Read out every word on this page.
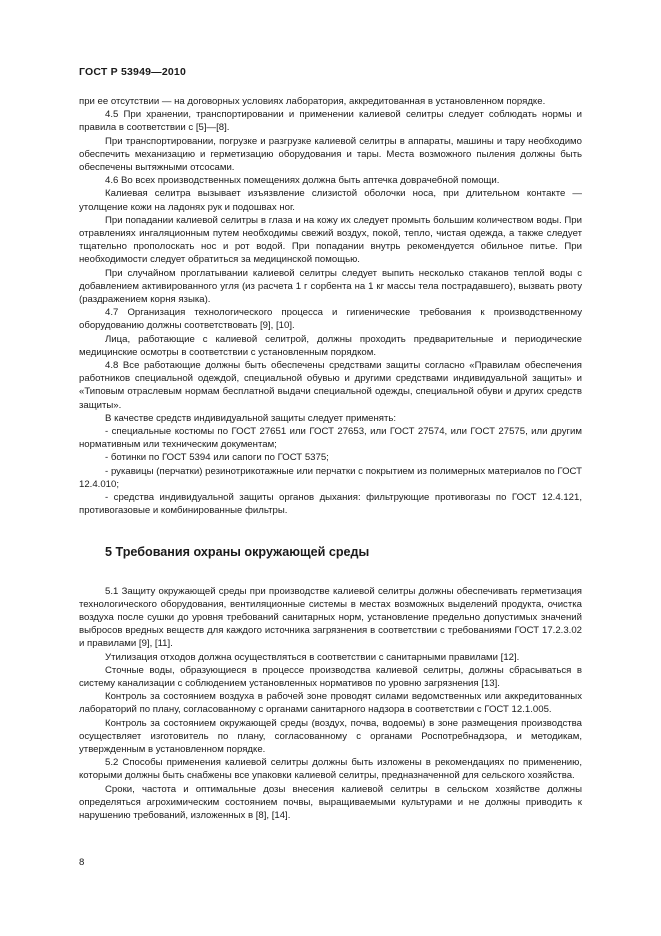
ГОСТ Р 53949—2010

при ее отсутствии — на договорных условиях лаборатория, аккредитованная в установленном порядке.

4.5 При хранении, транспортировании и применении калиевой селитры следует соблюдать нормы и правила в соответствии с [5]—[8].

При транспортировании, погрузке и разгрузке калиевой селитры в аппараты, машины и тару необходимо обеспечить механизацию и герметизацию оборудования и тары. Места возможного пыления должны быть обеспечены вытяжными отсосами.

4.6 Во всех производственных помещениях должна быть аптечка доврачебной помощи.

Калиевая селитра вызывает изъязвление слизистой оболочки носа, при длительном контакте — утолщение кожи на ладонях рук и подошвах ног.

При попадании калиевой селитры в глаза и на кожу их следует промыть большим количеством воды. При отравлениях ингаляционным путем необходимы свежий воздух, покой, тепло, чистая одежда, а также следует тщательно прополоскать нос и рот водой. При попадании внутрь рекомендуется обильное питье. При необходимости следует обратиться за медицинской помощью.

При случайном проглатывании калиевой селитры следует выпить несколько стаканов теплой воды с добавлением активированного угля (из расчета 1 г сорбента на 1 кг массы тела пострадавшего), вызвать рвоту (раздражением корня языка).

4.7 Организация технологического процесса и гигиенические требования к производственному оборудованию должны соответствовать [9], [10].

Лица, работающие с калиевой селитрой, должны проходить предварительные и периодические медицинские осмотры в соответствии с установленным порядком.

4.8 Все работающие должны быть обеспечены средствами защиты согласно «Правилам обеспечения работников специальной одеждой, специальной обувью и другими средствами индивидуальной защиты» и «Типовым отраслевым нормам бесплатной выдачи специальной одежды, специальной обуви и других средств защиты».

В качестве средств индивидуальной защиты следует применять:

- специальные костюмы по ГОСТ 27651 или ГОСТ 27653, или ГОСТ 27574, или ГОСТ 27575, или другим нормативным или техническим документам;

- ботинки по ГОСТ 5394 или сапоги по ГОСТ 5375;

- рукавицы (перчатки) резинотрикотажные или перчатки с покрытием из полимерных материалов по ГОСТ 12.4.010;

- средства индивидуальной защиты органов дыхания: фильтрующие противогазы по ГОСТ 12.4.121, противогазовые и комбинированные фильтры.

5 Требования охраны окружающей среды

5.1 Защиту окружающей среды при производстве калиевой селитры должны обеспечивать герметизация технологического оборудования, вентиляционные системы в местах возможных выделений продукта, очистка воздуха после сушки до уровня требований санитарных норм, установление предельно допустимых значений выбросов вредных веществ для каждого источника загрязнения в соответствии с требованиями ГОСТ 17.2.3.02 и правилами [9], [11].

Утилизация отходов должна осуществляться в соответствии с санитарными правилами [12].

Сточные воды, образующиеся в процессе производства калиевой селитры, должны сбрасываться в систему канализации с соблюдением установленных нормативов по уровню загрязнения [13].

Контроль за состоянием воздуха в рабочей зоне проводят силами ведомственных или аккредитованных лабораторий по плану, согласованному с органами санитарного надзора в соответствии с ГОСТ 12.1.005.

Контроль за состоянием окружающей среды (воздух, почва, водоемы) в зоне размещения производства осуществляет изготовитель по плану, согласованному с органами Роспотребнадзора, и методикам, утвержденным в установленном порядке.

5.2 Способы применения калиевой селитры должны быть изложены в рекомендациях по применению, которыми должны быть снабжены все упаковки калиевой селитры, предназначенной для сельского хозяйства.

Сроки, частота и оптимальные дозы внесения калиевой селитры в сельском хозяйстве должны определяться агрохимическим состоянием почвы, выращиваемыми культурами и не должны приводить к нарушению требований, изложенных в [8], [14].

8
